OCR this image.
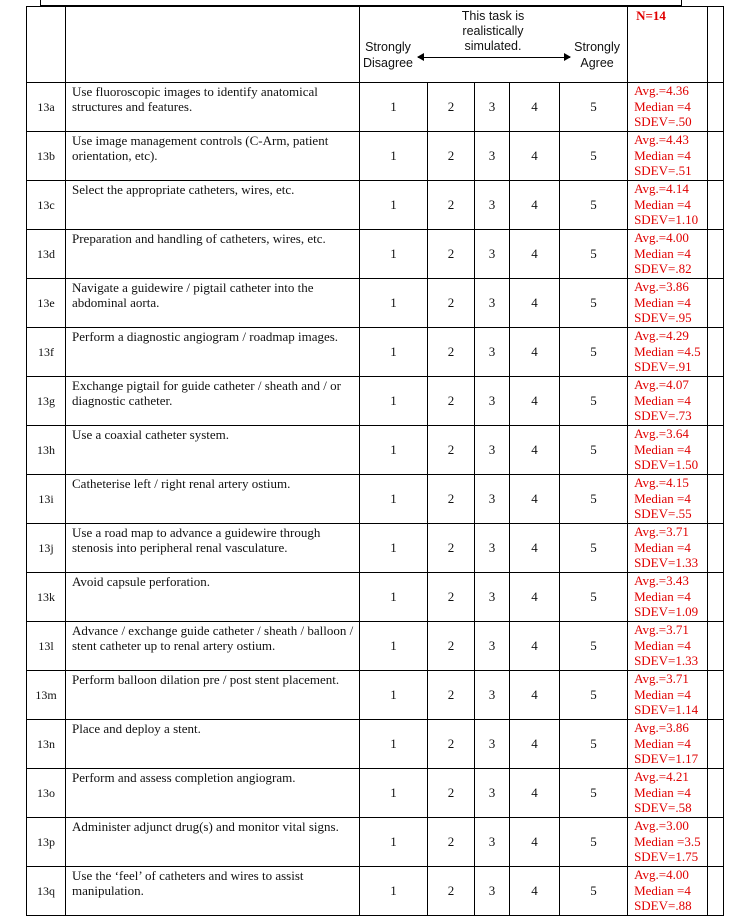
		Strongly Disagree
This task is realistically simulated. Strongly Agree					N=14	
13a	Use fluoroscopic images to identify anatomical structures and features.	1	2	3	4	5	Avg.=4.36
Median =4
SDEV=.50	

13b	Use image management controls (C-Arm, patient orientation, etc).	1	2	3	4	5	Avg.=4.43
Median =4
SDEV=.51	

13c	Select the appropriate catheters, wires, etc.	1	2	3	4	5	Avg.=4.14
Median =4
SDEV=1.10	

13d	Preparation and handling of catheters, wires, etc.	1	2	3	4	5	Avg.=4.00
Median =4
SDEV=.82	

13e	Navigate a guidewire / pigtail catheter into the abdominal aorta.	1	2	3	4	5	Avg.=3.86
Median =4
SDEV=.95	

13f	Perform a diagnostic angiogram / roadmap images.	1	2	3	4	5	Avg.=4.29
Median =4.5
SDEV=.91	

13g	Exchange pigtail for guide catheter / sheath and / or diagnostic catheter.	1	2	3	4	5	Avg.=4.07
Median =4
SDEV=.73	

13h	Use a coaxial catheter system.	1	2	3	4	5	Avg.=3.64
Median =4
SDEV=1.50	

13i	Catheterise left / right renal artery ostium.	1	2	3	4	5	Avg.=4.15
Median =4
SDEV=.55	

13j	Use a road map to advance a guidewire through stenosis into peripheral renal vasculature.	1	2	3	4	5	Avg.=3.71
Median =4
SDEV=1.33	

13k	Avoid capsule perforation.	1	2	3	4	5	Avg.=3.43
Median =4
SDEV=1.09	

13l	Advance / exchange guide catheter / sheath / balloon / stent catheter up to renal artery ostium.	1	2	3	4	5	Avg.=3.71
Median =4
SDEV=1.33	

13m	Perform balloon dilation pre / post stent placement.	1	2	3	4	5	Avg.=3.71
Median =4
SDEV=1.14	

13n	Place and deploy a stent.	1	2	3	4	5	Avg.=3.86
Median =4
SDEV=1.17	

13o	Perform and assess completion angiogram.	1	2	3	4	5	Avg.=4.21
Median =4
SDEV=.58	

13p	Administer adjunct drug(s) and monitor vital signs.	1	2	3	4	5	Avg.=3.00
Median =3.5
SDEV=1.75	

13q	Use the ‘feel’ of catheters and wires to assist manipulation.	1	2	3	4	5	Avg.=4.00
Median =4
SDEV=.88	
